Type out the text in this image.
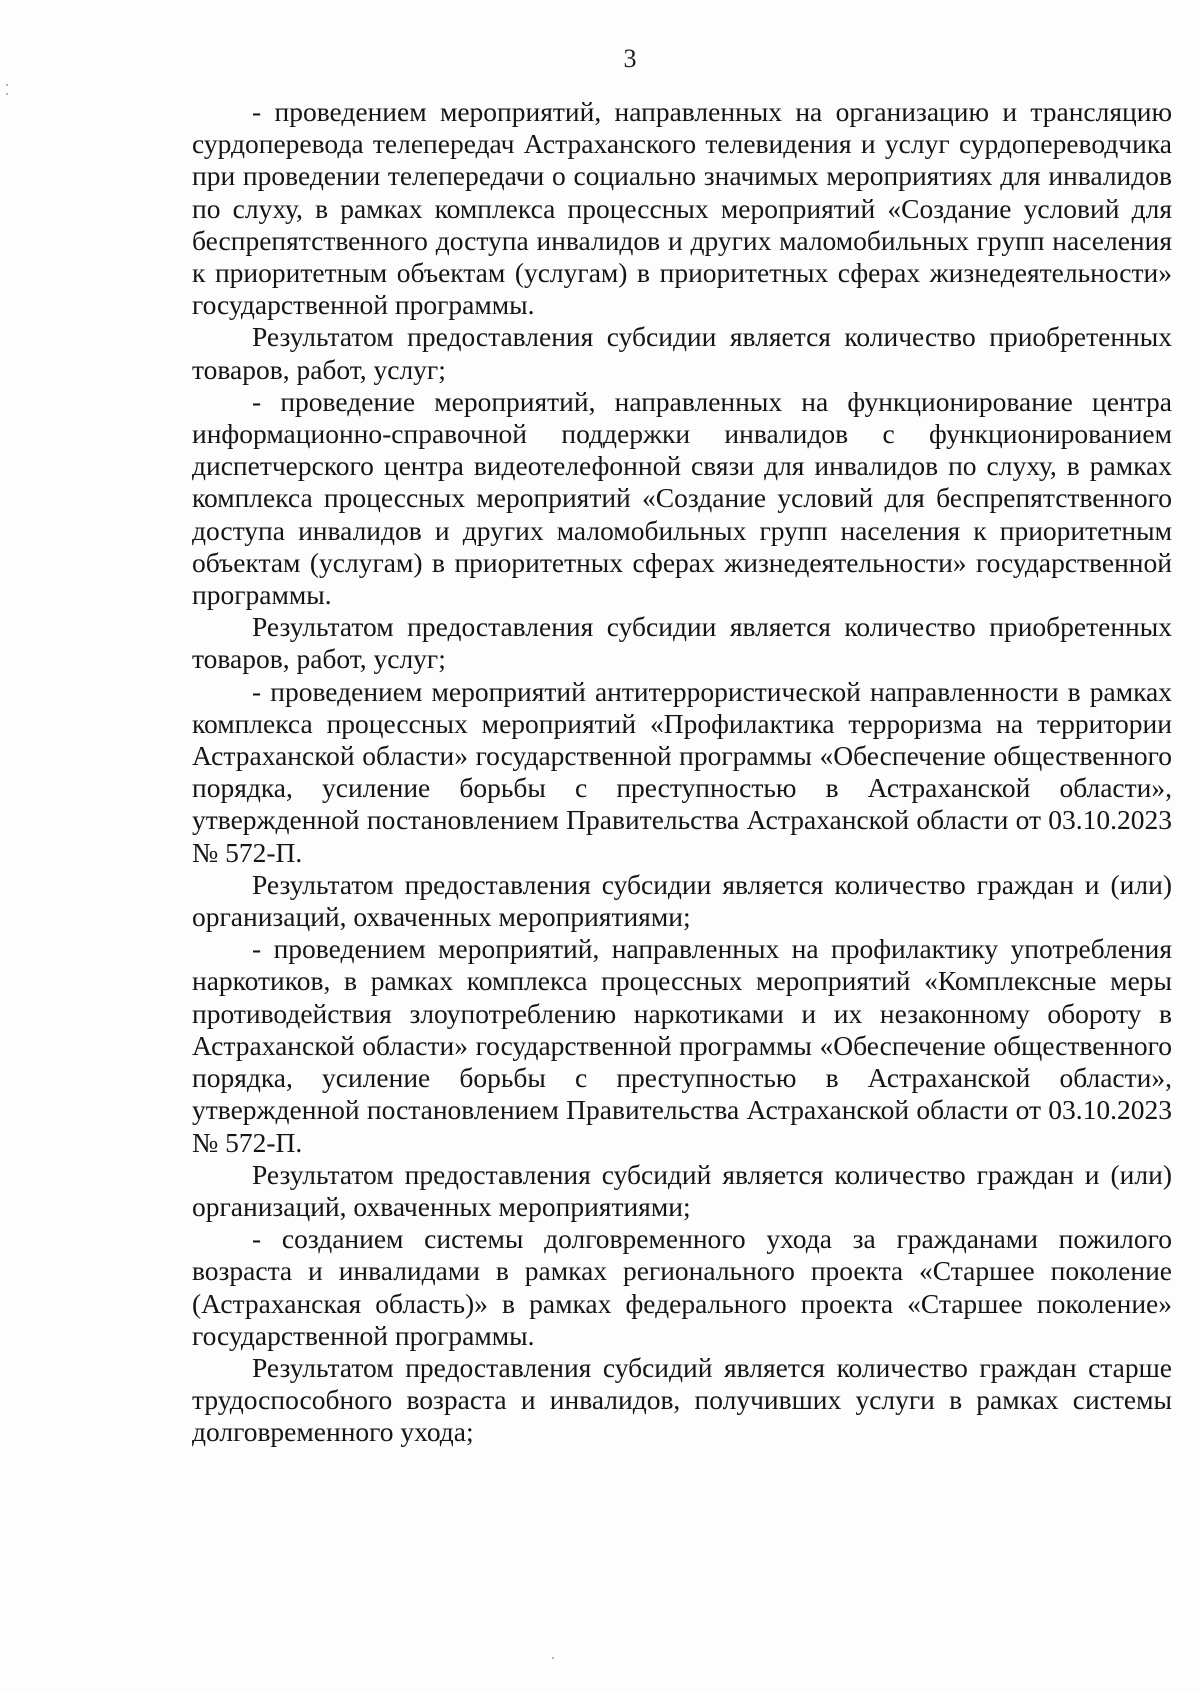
3

- проведением мероприятий, направленных на организацию и трансляцию сурдоперевода телепередач Астраханского телевидения и услуг сурдопереводчика при проведении телепередачи о социально значимых мероприятиях для инвалидов по слуху, в рамках комплекса процессных мероприятий «Создание условий для беспрепятственного доступа инвалидов и других маломобильных групп населения к приоритетным объектам (услугам) в приоритетных сферах жизнедеятельности» государственной программы.

Результатом предоставления субсидии является количество приобретенных товаров, работ, услуг;

- проведение мероприятий, направленных на функционирование центра информационно-справочной поддержки инвалидов с функционированием диспетчерского центра видеотелефонной связи для инвалидов по слуху, в рамках комплекса процессных мероприятий «Создание условий для беспрепятственного доступа инвалидов и других маломобильных групп населения к приоритетным объектам (услугам) в приоритетных сферах жизнедеятельности» государственной программы.

Результатом предоставления субсидии является количество приобретенных товаров, работ, услуг;

- проведением мероприятий антитеррористической направленности в рамках комплекса процессных мероприятий «Профилактика терроризма на территории Астраханской области» государственной программы «Обеспечение общественного порядка, усиление борьбы с преступностью в Астраханской области», утвержденной постановлением Правительства Астраханской области от 03.10.2023 № 572-П.

Результатом предоставления субсидии является количество граждан и (или) организаций, охваченных мероприятиями;

- проведением мероприятий, направленных на профилактику употребления наркотиков, в рамках комплекса процессных мероприятий «Комплексные меры противодействия злоупотреблению наркотиками и их незаконному обороту в Астраханской области» государственной программы «Обеспечение общественного порядка, усиление борьбы с преступностью в Астраханской области», утвержденной постановлением Правительства Астраханской области от 03.10.2023 № 572-П.

Результатом предоставления субсидий является количество граждан и (или) организаций, охваченных мероприятиями;

- созданием системы долговременного ухода за гражданами пожилого возраста и инвалидами в рамках регионального проекта «Старшее поколение (Астраханская область)» в рамках федерального проекта «Старшее поколение» государственной программы.

Результатом предоставления субсидий является количество граждан старше трудоспособного возраста и инвалидов, получивших услуги в рамках системы долговременного ухода;
